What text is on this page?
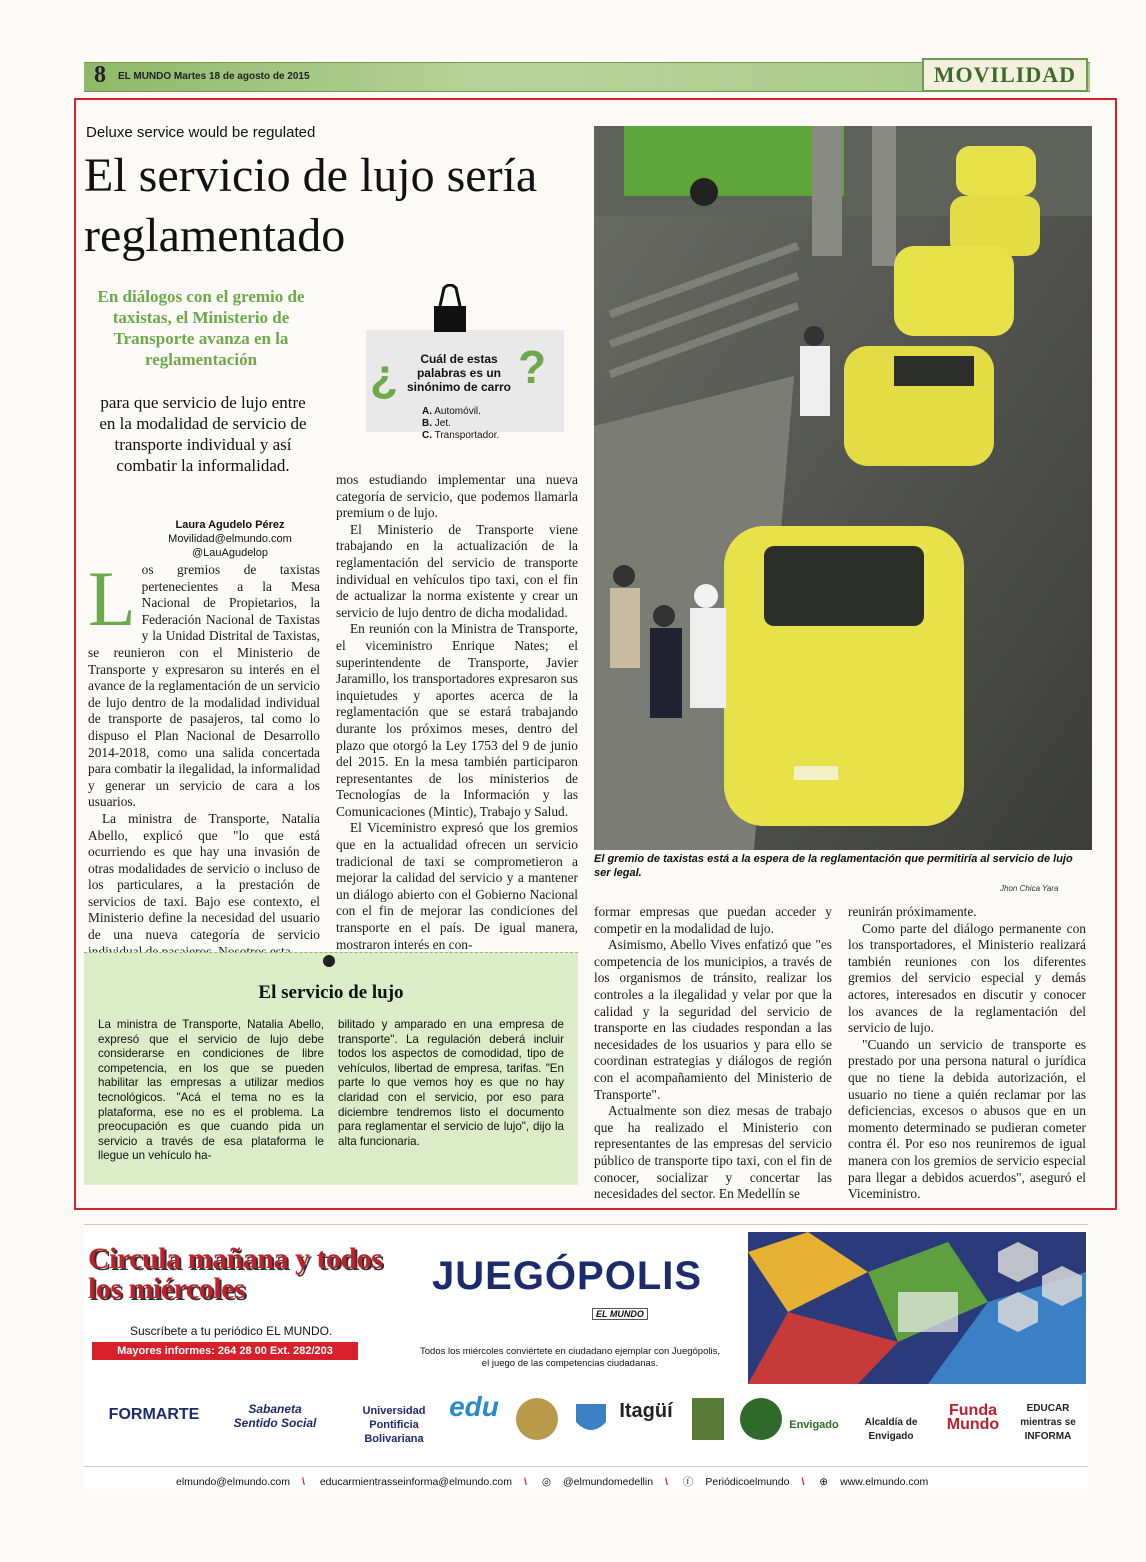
8 EL MUNDO Martes 18 de agosto de 2015	MOVILIDAD
Deluxe service would be regulated
El servicio de lujo sería reglamentado
En diálogos con el gremio de taxistas, el Ministerio de Transporte avanza en la reglamentación
para que servicio de lujo entre en la modalidad de servicio de transporte individual y así combatir la informalidad.
¿	?
Cuál de estas palabras es un sinónimo de carro
A. Automóvil.
B. Jet.
C. Transportador.
Laura Agudelo Pérez
Movilidad@elmundo.com
@LauAgudelop
L os gremios de taxistas pertenecientes a la Mesa Nacional de Propietarios, la Federación Nacional de Taxistas y la Unidad Distrital de Taxistas, se reunieron con el Ministerio de Transporte y expresaron su interés en el avance de la reglamentación de un servicio de lujo dentro de la modalidad individual de transporte de pasajeros, tal como lo dispuso el Plan Nacional de Desarrollo 2014-2018, como una salida concertada para combatir la ilegalidad, la informalidad y generar un servicio de cara a los usuarios.

La ministra de Transporte, Natalia Abello, explicó que "lo que está ocurriendo es que hay una invasión de otras modalidades de servicio o incluso de los particulares, a la prestación de servicios de taxi. Bajo ese contexto, el Ministerio define la necesidad del usuario de una nueva categoría de servicio

mos estudiando implementar una nueva categoría de servicio, que podemos llamarla premium o de lujo.

El Ministerio de Transporte viene trabajando en la actualización de la reglamentación del servicio de transporte individual en vehículos tipo taxi, con el fin de actualizar la norma existente y crear un servicio de lujo dentro de dicha modalidad.

En reunión con la Ministra de Transporte, el viceministro Enrique Nates; el superintendente de Transporte, Javier Jaramillo, los transportadores expresaron sus inquietudes y aportes acerca de la reglamentación que se estará trabajando durante los próximos meses, dentro del plazo que otorgó la Ley 1753 del 9 de junio del 2015. En la mesa también participaron representantes de los ministerios de Tecnologías de la Información y las Comunicaciones (Mintic), Trabajo y Salud.

El Viceministro expresó que los gremios que en la actualidad ofrecen un servicio tradicional de taxi se comprometieron a mejorar la calidad del servicio y a mantener un diálogo abierto con el Gobierno Nacional con el fin de mejorar las condiciones del transporte en el país. De igual manera, mostraron interés en con-

El gremio de taxistas está a la espera de la reglamentación que permitiría al servicio de lujo ser legal.
Jhon Chica Yara

formar empresas que puedan acceder y competir en la modalidad de lujo.

Asimismo, Abello Vives enfatizó que "es competencia de los municipios, a través de los organismos de tránsito, realizar los controles a la ilegalidad y velar por que la calidad y la seguridad del servicio de transporte en las ciudades respondan a las necesidades de los usuarios y para ello se coordinan estrategias y diálogos de región con el acompañamiento del Ministerio de Transporte".

Actualmente son diez mesas de trabajo que ha realizado el Ministerio con representantes de las empresas del servicio público de transporte tipo taxi, con el fin de conocer, socializar y concertar las necesidades del sector. En Medellín se

reunirán próximamente.

Como parte del diálogo permanente con los transportadores, el Ministerio realizará también reuniones con los diferentes gremios del servicio especial y demás actores, interesados en discutir y conocer los avances de la reglamentación del servicio de lujo.

"Cuando un servicio de transporte es prestado por una persona natural o jurídica que no tiene la debida autorización, el usuario no tiene a quién reclamar por las deficiencias, excesos o abusos que en un momento determinado se pudieran cometer contra él. Por eso nos reuniremos de igual manera con los gremios de servicio especial para llegar a debidos acuerdos", aseguró el Viceministro.

El servicio de lujo
La ministra de Transporte, Natalia Abello, expresó que el servicio de lujo debe considerarse en condiciones de libre competencia, en los que se pueden habilitar las empresas a utilizar medios tecnológicos. "Acá el tema no es la plataforma, ese no es el problema. La preocupación es que cuando pida un servicio a través de esa plataforma le llegue un vehículo ha-
bilitado y amparado en una empresa de transporte". La regulación deberá incluir todos los aspectos de comodidad, tipo de vehículos, libertad de empresa, tarifas. "En parte lo que vemos hoy es que no hay claridad con el servicio, por eso para diciembre tendremos listo el documento para reglamentar el servicio de lujo", dijo la alta funcionaria.
Circula mañana y todos los miércoles
Suscríbete a tu periódico EL MUNDO.
Mayores informes: 264 28 00 Ext. 282/203
JUEGÓPOLIS
EL MUNDO
Todos los miércoles conviértete en ciudadano ejemplar con Juegópolis, el juego de las competencias ciudadanas.
FORMARTE	Sabaneta Sentido Social
Universidad Pontificia Bolivariana
edu	Itagüí
Envigado	Alcaldía de Envigado
Funda Mundo
EDUCAR mientras se INFORMA
elmundo@elmundo.com \ educarmientrasseinforma@elmundo.com \ ◎ @elmundomedellin \ ⓕ Periódicoelmundo \ ⊕ www.elmundo.com
